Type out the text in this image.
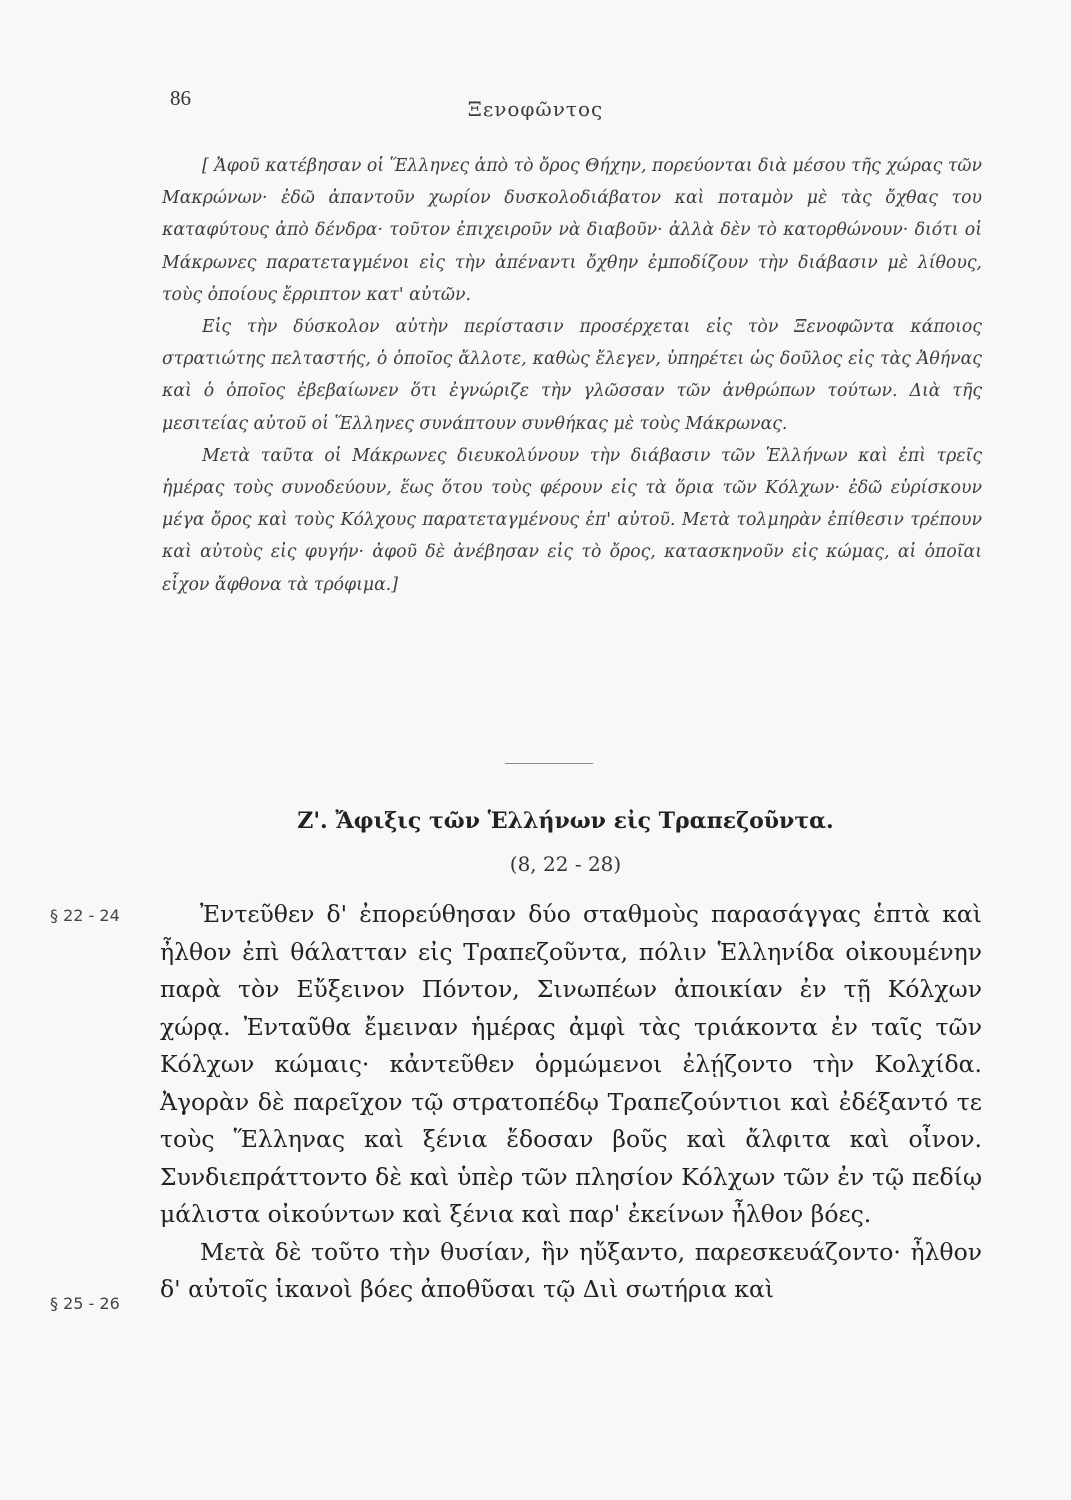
86	Ξενοφῶντος

[ Ἀφοῦ κατέβησαν οἱ Ἕλληνες ἀπὸ τὸ ὄρος Θήχην, πορεύονται διὰ μέσου τῆς χώρας τῶν Μακρώνων· ἐδῶ ἀπαντοῦν χωρίον δυσκολοδιάβατον καὶ ποταμὸν μὲ τὰς ὄχθας του καταφύτους ἀπὸ δένδρα· τοῦτον ἐπιχειροῦν νὰ διαβοῦν· ἀλλὰ δὲν τὸ κατορθώνουν· διότι οἱ Μάκρωνες παρατεταγμένοι εἰς τὴν ἀπέναντι ὄχθην ἐμποδίζουν τὴν διάβασιν μὲ λίθους, τοὺς ὁποίους ἔρριπτον κατ' αὐτῶν.

Εἰς τὴν δύσκολον αὐτὴν περίστασιν προσέρχεται εἰς τὸν Ξενοφῶντα κάποιος στρατιώτης πελταστής, ὁ ὁποῖος ἄλλοτε, καθὼς ἔλεγεν, ὑπηρέτει ὡς δοῦλος εἰς τὰς Ἀθήνας καὶ ὁ ὁποῖος ἐβεβαίωνεν ὅτι ἐγνώριζε τὴν γλῶσσαν τῶν ἀνθρώπων τούτων. Διὰ τῆς μεσιτείας αὐτοῦ οἱ Ἕλληνες συνάπτουν συνθήκας μὲ τοὺς Μάκρωνας.

Μετὰ ταῦτα οἱ Μάκρωνες διευκολύνουν τὴν διάβασιν τῶν Ἑλλήνων καὶ ἐπὶ τρεῖς ἡμέρας τοὺς συνοδεύουν, ἕως ὅτου τοὺς φέρουν εἰς τὰ ὅρια τῶν Κόλχων· ἐδῶ εὑρίσκουν μέγα ὄρος καὶ τοὺς Κόλχους παρατεταγμένους ἐπ' αὐτοῦ. Μετὰ τολμηρὰν ἐπίθεσιν τρέπουν καὶ αὐτοὺς εἰς φυγήν· ἀφοῦ δὲ ἀνέβησαν εἰς τὸ ὄρος, κατασκηνοῦν εἰς κώμας, αἱ ὁποῖαι εἶχον ἄφθονα τὰ τρόφιμα.]

Ζ'. Ἄφιξις τῶν Ἑλλήνων εἰς Τραπεζοῦντα.
(8, 22 - 28)
§ 22 - 24
§ 25 - 26

Ἐντεῦθεν δ' ἐπορεύθησαν δύο σταθμοὺς παρασάγγας ἑπτὰ καὶ ἦλθον ἐπὶ θάλατταν εἰς Τραπεζοῦντα, πόλιν Ἑλληνίδα οἰκουμένην παρὰ τὸν Εὔξεινον Πόντον, Σινωπέων ἀποικίαν ἐν τῇ Κόλχων χώρᾳ. Ἐνταῦθα ἔμειναν ἡμέρας ἀμφὶ τὰς τριάκοντα ἐν ταῖς τῶν Κόλχων κώμαις· κἀντεῦθεν ὁρμώμενοι ἐλῄζοντο τὴν Κολχίδα. Ἀγορὰν δὲ παρεῖχον τῷ στρατοπέδῳ Τραπεζούντιοι καὶ ἐδέξαντό τε τοὺς Ἕλληνας καὶ ξένια ἔδοσαν βοῦς καὶ ἄλφιτα καὶ οἶνον. Συνδιεπράττοντο δὲ καὶ ὑπὲρ τῶν πλησίον Κόλχων τῶν ἐν τῷ πεδίῳ μάλιστα οἰκούντων καὶ ξένια καὶ παρ' ἐκείνων ἦλθον βόες.

Μετὰ δὲ τοῦτο τὴν θυσίαν, ἣν ηὔξαντο, παρεσκευάζοντο· ἦλθον δ' αὐτοῖς ἱκανοὶ βόες ἀποθῦσαι τῷ Διὶ σωτήρια καὶ
